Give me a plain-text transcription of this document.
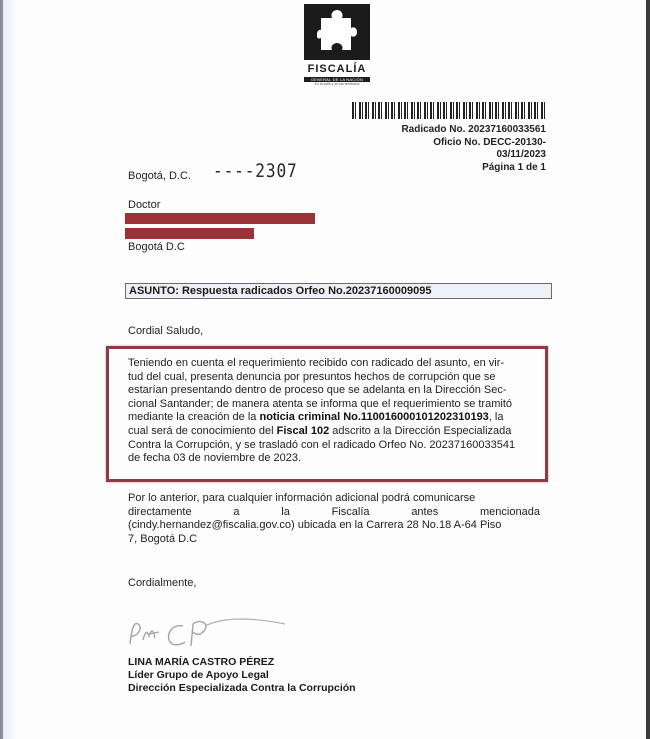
FISCALÍA
GENERAL DE LA NACIÓN
En la calle y en los territorios
Radicado No. 20237160033561
Oficio No. DECC-20130-
03/11/2023
Página 1 de 1
Bogotá, D.C. ----2307
Doctor
Bogotá D.C
ASUNTO: Respuesta radicados Orfeo No.20237160009095
Cordial Saludo,
Teniendo en cuenta el requerimiento recibido con radicado del asunto, en vir-
tud del cual, presenta denuncia por presuntos hechos de corrupción que se
estarían presentando dentro de proceso que se adelanta en la Dirección Sec-
cional Santander; de manera atenta se informa que el requerimiento se tramitó
mediante la creación de la noticia criminal No.110016000101202310193, la
cual será de conocimiento del Fiscal 102 adscrito a la Dirección Especializada
Contra la Corrupción, y se trasladó con el radicado Orfeo No. 20237160033541
de fecha 03 de noviembre de 2023.
Por lo anterior, para cualquier información adicional podrá comunicarse
directamente	a	la	Fiscalía	antes	mencionada
(cindy.hernandez@fiscalia.gov.co) ubicada en la Carrera 28 No.18 A-64 Piso
7, Bogotá D.C
Cordialmente,
LINA MARÍA CASTRO PÉREZ
Líder Grupo de Apoyo Legal
Dirección Especializada Contra la Corrupción
